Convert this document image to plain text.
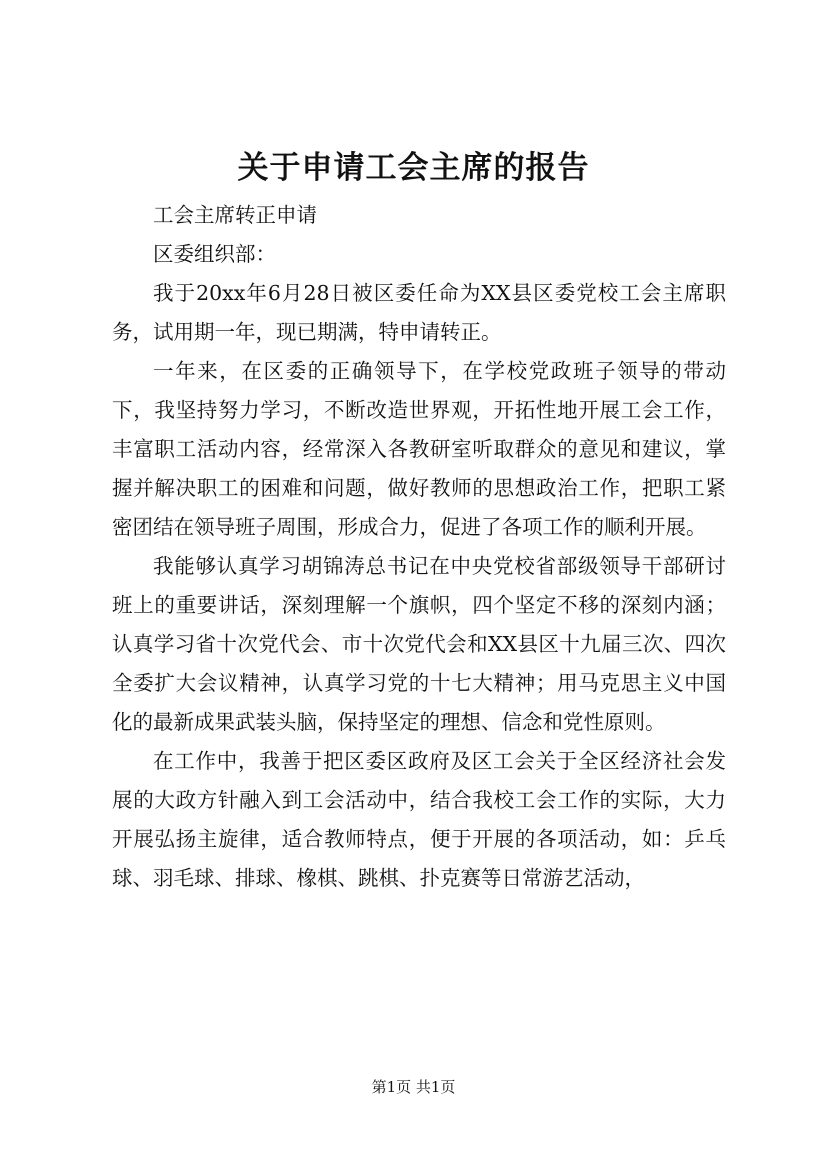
关于申请工会主席的报告

工会主席转正申请

区委组织部：

我于20xx年6月28日被区委任命为XX县区委党校工会主席职务，试用期一年，现已期满，特申请转正。

一年来，在区委的正确领导下，在学校党政班子领导的带动下，我坚持努力学习，不断改造世界观，开拓性地开展工会工作，丰富职工活动内容，经常深入各教研室听取群众的意见和建议，掌握并解决职工的困难和问题，做好教师的思想政治工作，把职工紧密团结在领导班子周围，形成合力，促进了各项工作的顺利开展。

我能够认真学习胡锦涛总书记在中央党校省部级领导干部研讨班上的重要讲话，深刻理解一个旗帜，四个坚定不移的深刻内涵；认真学习省十次党代会、市十次党代会和XX县区十九届三次、四次全委扩大会议精神，认真学习党的十七大精神；用马克思主义中国化的最新成果武装头脑，保持坚定的理想、信念和党性原则。

在工作中，我善于把区委区政府及区工会关于全区经济社会发展的大政方针融入到工会活动中，结合我校工会工作的实际，大力开展弘扬主旋律，适合教师特点，便于开展的各项活动，如：乒乓球、羽毛球、排球、橡棋、跳棋、扑克赛等日常游艺活动，

第1页 共1页
